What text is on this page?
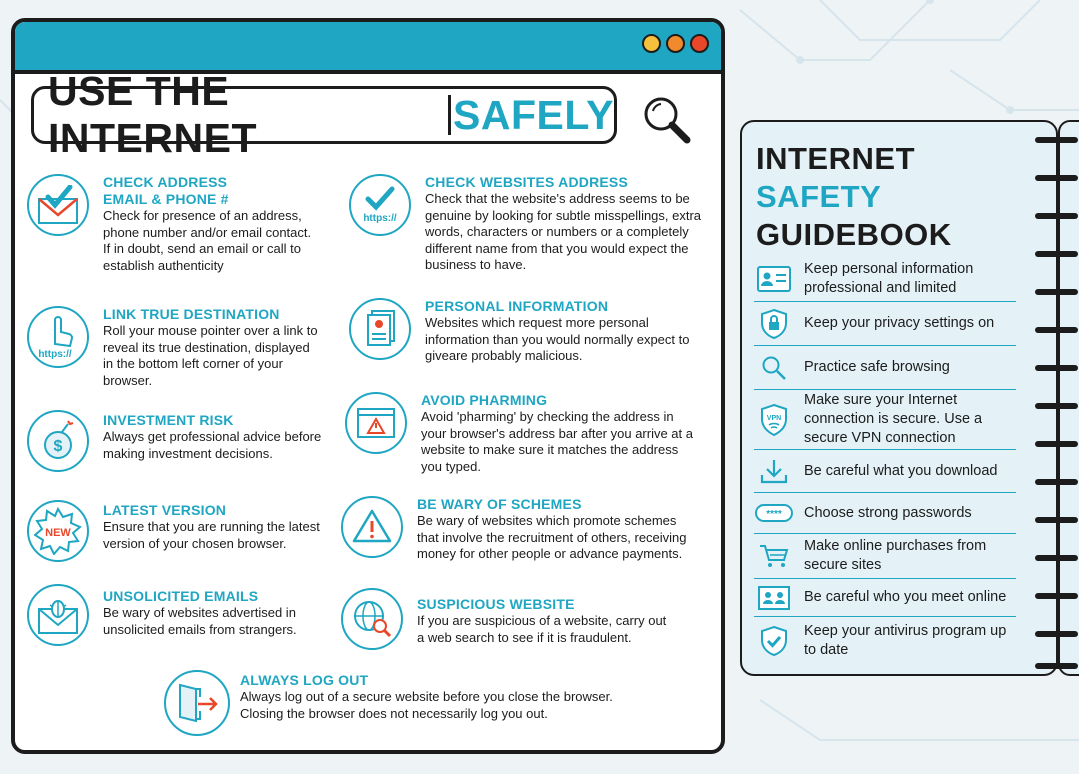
USE THE INTERNET
SAFELY
CHECK ADDRESS
EMAIL & PHONE #

Check for presence of an address, phone number and/or email contact. If in doubt, send an email or call to establish authenticity

https://
CHECK WEBSITES ADDRESS

Check that the website's address seems to be genuine by looking for subtle misspellings, extra words, characters or numbers or a completely different name from that you would expect the business to have.

https://
LINK TRUE DESTINATION

Roll your mouse pointer over a link to reveal its true destination, displayed in the bottom left corner of your browser.

PERSONAL INFORMATION

Websites which request more personal information than you would normally expect to giveare probably malicious.

$
INVESTMENT RISK

Always get professional advice before making investment decisions.

AVOID PHARMING

Avoid 'pharming' by checking the address in your browser's address bar after you arrive at a website to make sure it matches the address you typed.

NEW
LATEST VERSION

Ensure that you are running the latest version of your chosen browser.

BE WARY OF SCHEMES

Be wary of websites which promote schemes that involve the recruitment of others, receiving money for other people or advance payments.

UNSOLICITED EMAILS

Be wary of websites advertised in unsolicited emails from strangers.

SUSPICIOUS WEBSITE

If you are suspicious of a website, carry out a web search to see if it is fraudulent.

ALWAYS LOG OUT

Always log out of a secure website before you close the browser. Closing the browser does not necessarily log you out.

INTERNET
SAFETY
GUIDEBOOK
Keep personal information professional and limited
Keep your privacy settings on
Practice safe browsing
VPN
Make sure your Internet connection is secure. Use a secure VPN connection
Be careful what you download
****	Choose strong passwords
Make online purchases from secure sites
Be careful who you meet online
Keep your antivirus program up to date
